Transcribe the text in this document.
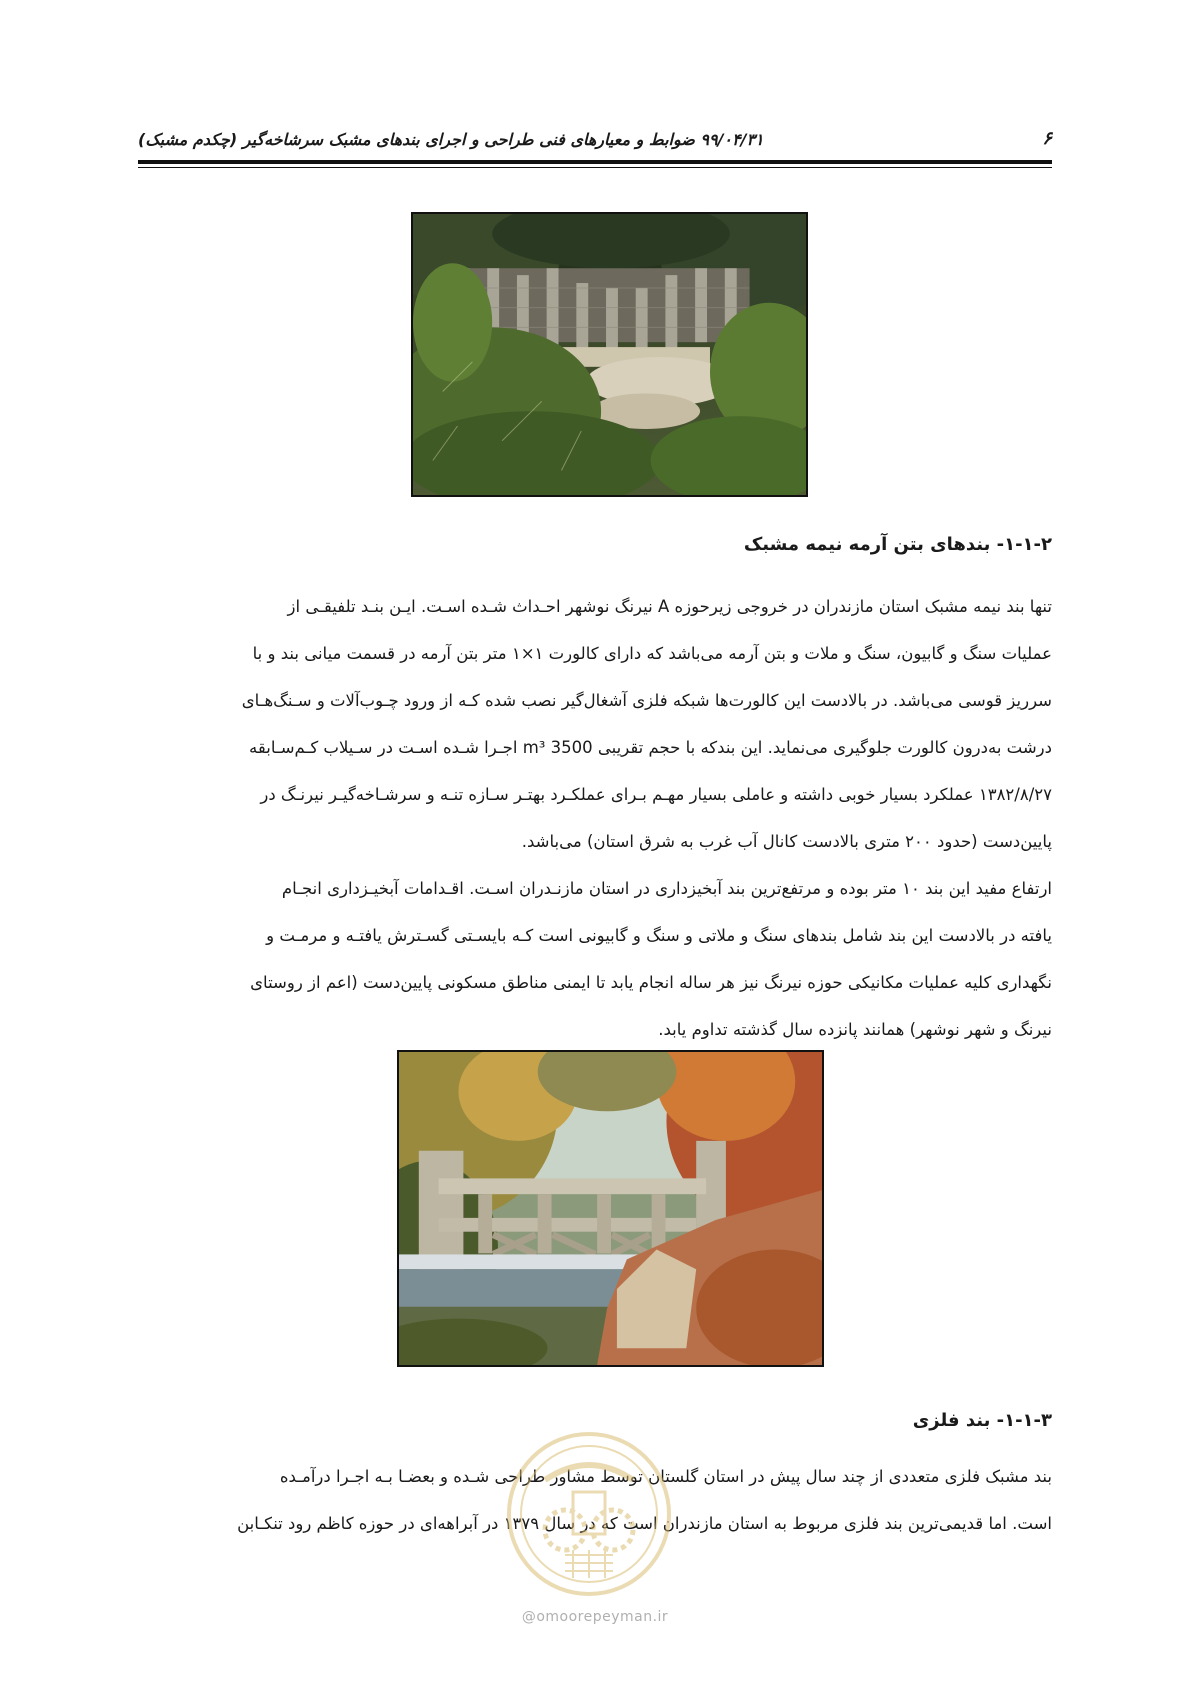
۶
۹۹/۰۴/۳۱ ضوابط و معیارهای فنی طراحی و اجرای بندهای مشبک سرشاخه‌گیر (چکدم مشبک)
۱-۱-۲- بندهای بتن آرمه نیمه مشبک
تنها بند نیمه مشبک استان مازندران در خروجی زیرحوزه A نیرنگ نوشهر احـداث شـده اسـت. ایـن بنـد تلفیقـی از
عملیات سنگ و گابیون، سنگ و ملات و بتن آرمه می‌باشد که دارای کالورت ۱×۱ متر بتن آرمه در قسمت میانی بند و با
سرریز قوسی می‌باشد. در بالادست این کالورت‌ها شبکه فلزی آشغال‌گیر نصب شده کـه از ورود چـوب‌آلات و سـنگ‌هـای
درشت به‌درون کالورت جلوگیری می‌نماید. این بندکه با حجم تقریبی 3500 m³ اجـرا شـده اسـت در سـیلاب کـم‌سـابقه
۱۳۸۲/۸/۲۷ عملکرد بسیار خوبی داشته و عاملی بسیار مهـم بـرای عملکـرد بهتـر سـازه تنـه و سرشـاخه‌گیـر نیرنـگ در
پایین‌دست (حدود ۲۰۰ متری بالادست کانال آب غرب به شرق استان) می‌باشد.
ارتفاع مفید این بند ۱۰ متر بوده و مرتفع‌ترین بند آبخیزداری در استان مازنـدران اسـت. اقـدامات آبخیـزداری انجـام
یافته در بالادست این بند شامل بندهای سنگ و ملاتی و سنگ و گابیونی است کـه بایسـتی گسـترش یافتـه و مرمـت و
نگهداری کلیه عملیات مکانیکی حوزه نیرنگ نیز هر ساله انجام یابد تا ایمنی مناطق مسکونی پایین‌دست (اعم از روستای
نیرنگ و شهر نوشهر) همانند پانزده سال گذشته تداوم یابد.
۱-۱-۳- بند فلزی
بند مشبک فلزی متعددی از چند سال پیش در استان گلستان توسط مشاور طراحی شـده و بعضـا بـه اجـرا درآمـده
است. اما قدیمی‌ترین بند فلزی مربوط به استان مازندران است که در سال ۱۳۷۹ در آبراهه‌ای در حوزه کاظم رود تنکـابن
@omoorepeyman.ir
